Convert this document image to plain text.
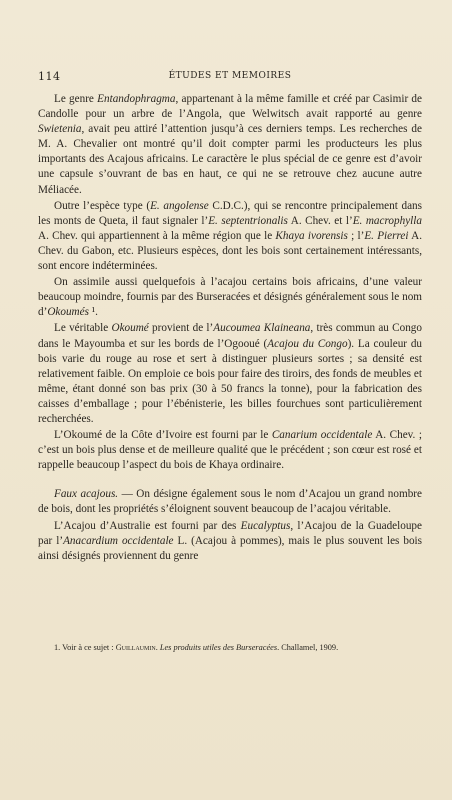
114	ÉTUDES ET MEMOIRES

Le genre Entandophragma, appartenant à la même famille et créé par Casimir de Candolle pour un arbre de l’Angola, que Welwitsch avait rapporté au genre Swietenia, avait peu attiré l’attention jusqu’à ces derniers temps. Les recherches de M. A. Chevalier ont montré qu’il doit compter parmi les producteurs les plus importants des Acajous africains. Le caractère le plus spécial de ce genre est d’avoir une capsule s’ouvrant de bas en haut, ce qui ne se retrouve chez aucune autre Méliacée.

Outre l’espèce type (E. angolense C.D.C.), qui se rencontre principalement dans les monts de Queta, il faut signaler l’E. septentrionalis A. Chev. et l’E. macrophylla A. Chev. qui appartiennent à la même région que le Khaya ivorensis ; l’E. Pierrei A. Chev. du Gabon, etc. Plusieurs espèces, dont les bois sont certainement intéressants, sont encore indéterminées.

On assimile aussi quelquefois à l’acajou certains bois africains, d’une valeur beaucoup moindre, fournis par des Burseracées et désignés généralement sous le nom d’Okoumés ¹.

Le véritable Okoumé provient de l’Aucoumea Klaineana, très commun au Congo dans le Mayoumba et sur les bords de l’Ogooué (Acajou du Congo). La couleur du bois varie du rouge au rose et sert à distinguer plusieurs sortes ; sa densité est relativement faible. On emploie ce bois pour faire des tiroirs, des fonds de meubles et même, étant donné son bas prix (30 à 50 francs la tonne), pour la fabrication des caisses d’emballage ; pour l’ébénisterie, les billes fourchues sont particulièrement recherchées.

L’Okoumé de la Côte d’Ivoire est fourni par le Canarium occidentale A. Chev. ; c’est un bois plus dense et de meilleure qualité que le précédent ; son cœur est rosé et rappelle beaucoup l’aspect du bois de Khaya ordinaire.

Faux acajous. — On désigne également sous le nom d’Acajou un grand nombre de bois, dont les propriétés s’éloignent souvent beaucoup de l’acajou véritable.

L’Acajou d’Australie est fourni par des Eucalyptus, l’Acajou de la Guadeloupe par l’Anacardium occidentale L. (Acajou à pommes), mais le plus souvent les bois ainsi désignés proviennent du genre

1. Voir à ce sujet : Guillaumin. Les produits utiles des Burseracées. Challamel, 1909.
